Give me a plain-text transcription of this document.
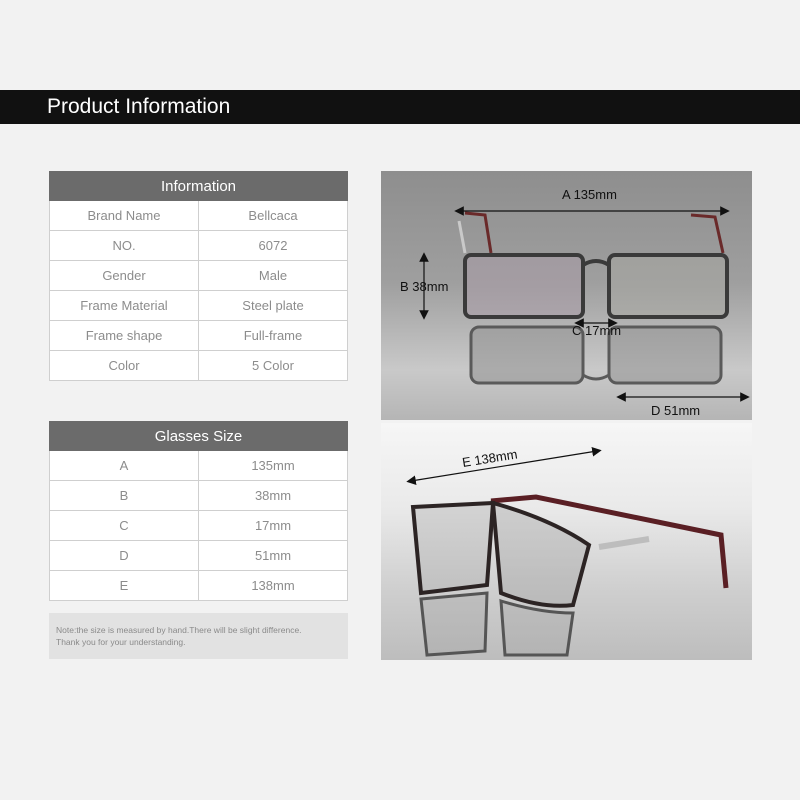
Product Information
Information	
Brand Name	Bellcaca
NO.	6072
Gender	Male
Frame Material	Steel plate
Frame shape	Full-frame
Color	5 Color
Glasses Size	
A	135mm
B	38mm
C	17mm
D	51mm
E	138mm
Note:the size is measured by hand.There will be slight difference.
Thank you for your understanding.
A 135mm
B 38mm
C 17mm
D 51mm
E 138mm
